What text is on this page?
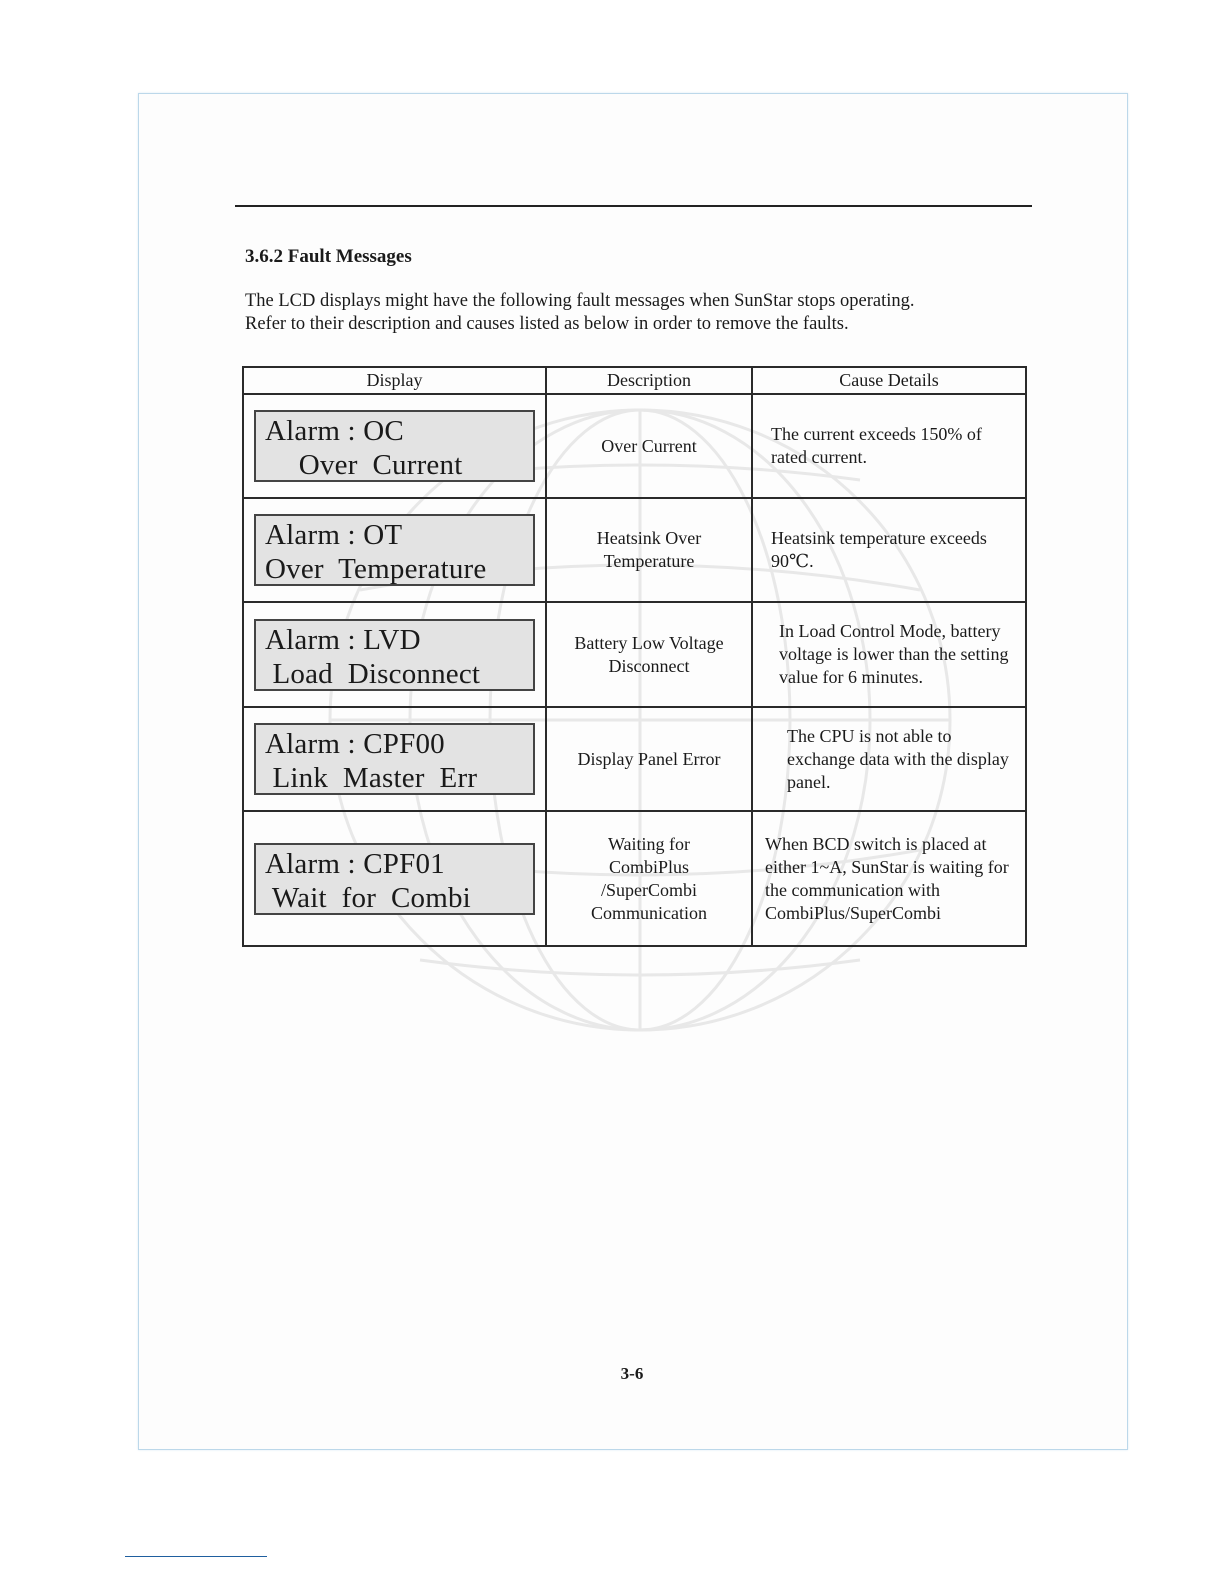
3.6.2 Fault Messages
The LCD displays might have the following fault messages when SunStar stops operating.
Refer to their description and causes listed as below in order to remove the faults.
Display	Description	Cause Details

Alarm : OC
Over  Current	Over Current	The current exceeds 150% of rated current.

Alarm : OT
Over  Temperature	Heatsink Over Temperature	Heatsink temperature exceeds 90℃.

Alarm : LVD
Load  Disconnect	Battery Low Voltage Disconnect	In Load Control Mode, battery voltage is lower than the setting value for 6 minutes.

Alarm : CPF00
Link  Master  Err	Display Panel Error	The CPU is not able to exchange data with the display panel.

Alarm : CPF01
Wait  for  Combi	Waiting for CombiPlus /SuperCombi Communication	When BCD switch is placed at either 1~A, SunStar is waiting for the communication with CombiPlus/SuperCombi
3-6
